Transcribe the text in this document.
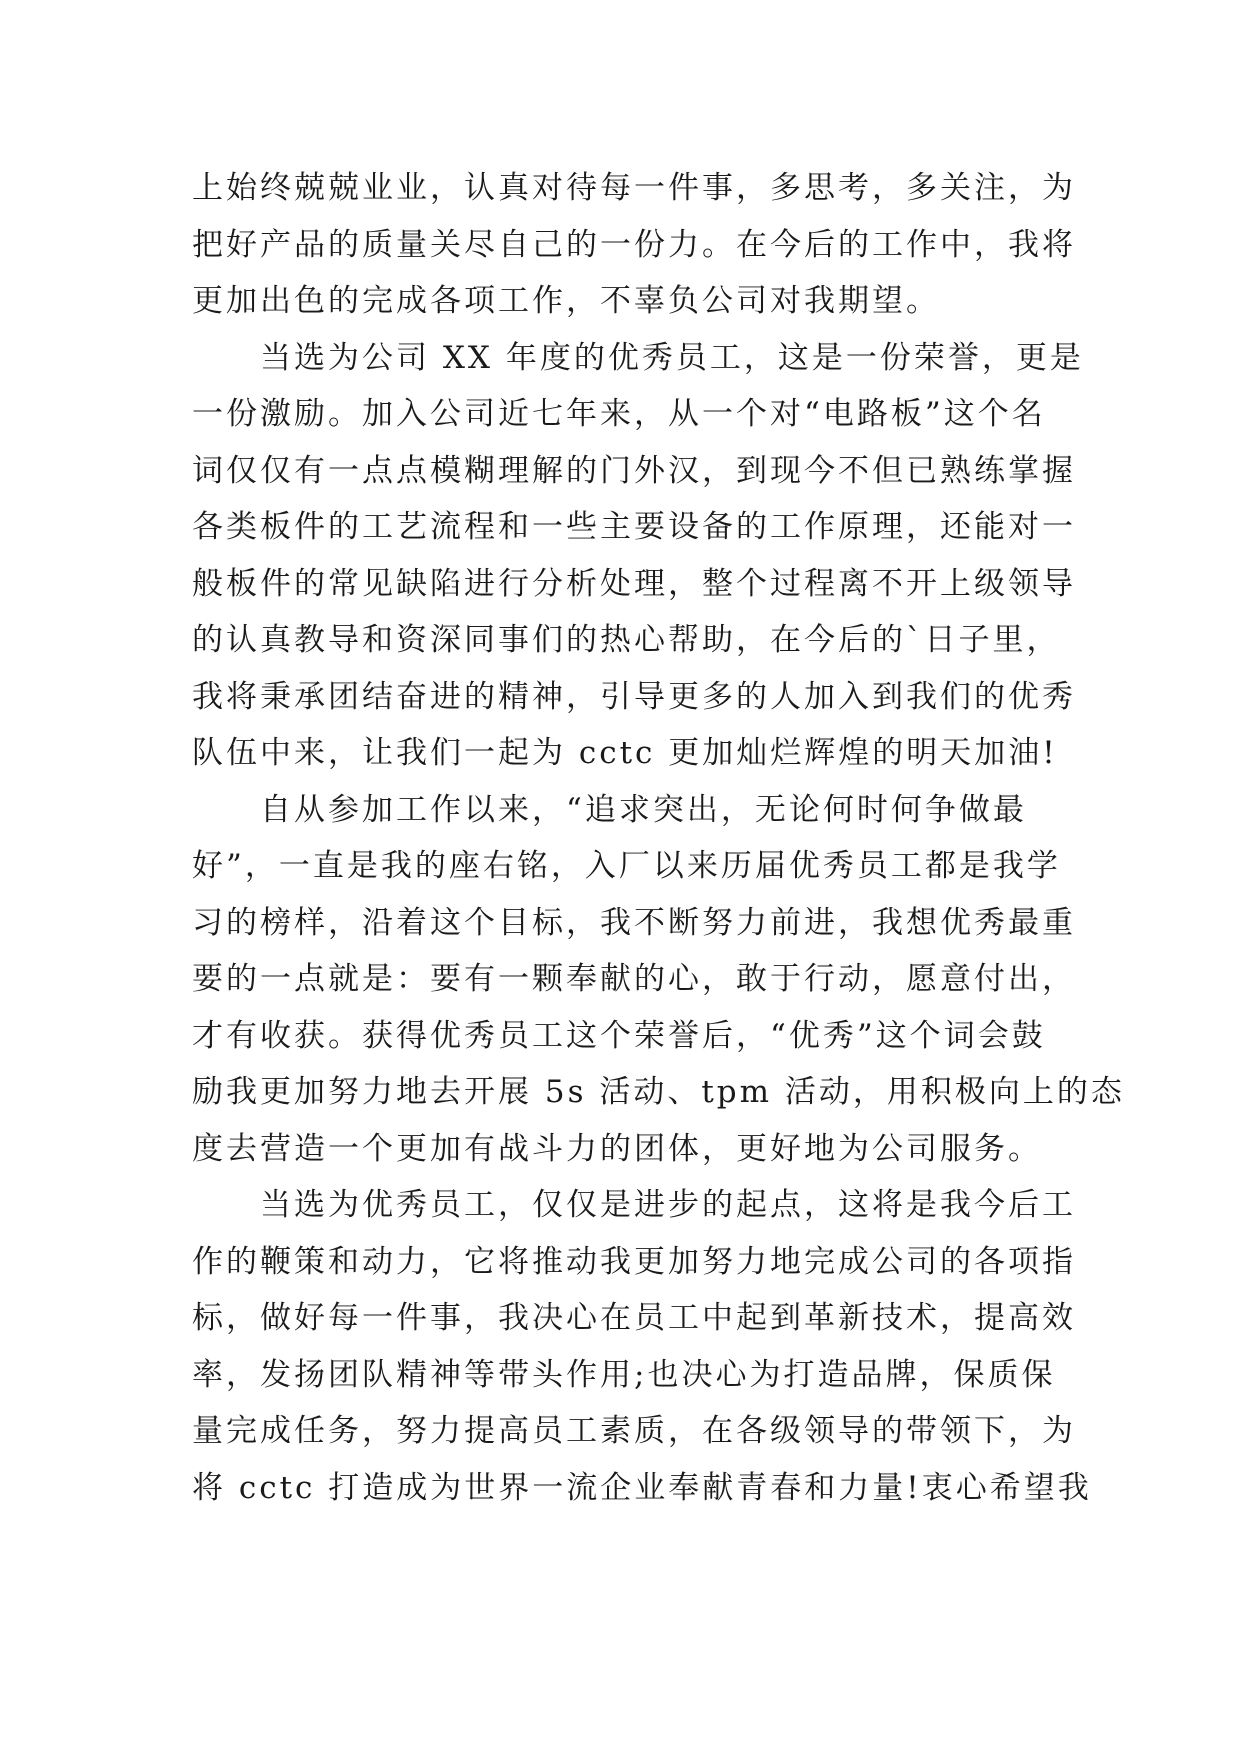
上始终兢兢业业，认真对待每一件事，多思考，多关注，为
把好产品的质量关尽自己的一份力。在今后的工作中，我将
更加出色的完成各项工作，不辜负公司对我期望。
当选为公司 XX 年度的优秀员工，这是一份荣誉，更是
一份激励。加入公司近七年来，从一个对“电路板”这个名
词仅仅有一点点模糊理解的门外汉，到现今不但已熟练掌握
各类板件的工艺流程和一些主要设备的工作原理，还能对一
般板件的常见缺陷进行分析处理，整个过程离不开上级领导
的认真教导和资深同事们的热心帮助，在今后的`日子里，
我将秉承团结奋进的精神，引导更多的人加入到我们的优秀
队伍中来，让我们一起为 cctc 更加灿烂辉煌的明天加油!
自从参加工作以来，“追求突出，无论何时何争做最
好”，一直是我的座右铭，入厂以来历届优秀员工都是我学
习的榜样，沿着这个目标，我不断努力前进，我想优秀最重
要的一点就是：要有一颗奉献的心，敢于行动，愿意付出，
才有收获。获得优秀员工这个荣誉后，“优秀”这个词会鼓
励我更加努力地去开展 5s 活动、tpm 活动，用积极向上的态
度去营造一个更加有战斗力的团体，更好地为公司服务。
当选为优秀员工，仅仅是进步的起点，这将是我今后工
作的鞭策和动力，它将推动我更加努力地完成公司的各项指
标，做好每一件事，我决心在员工中起到革新技术，提高效
率，发扬团队精神等带头作用;也决心为打造品牌，保质保
量完成任务，努力提高员工素质，在各级领导的带领下，为
将 cctc 打造成为世界一流企业奉献青春和力量!衷心希望我
